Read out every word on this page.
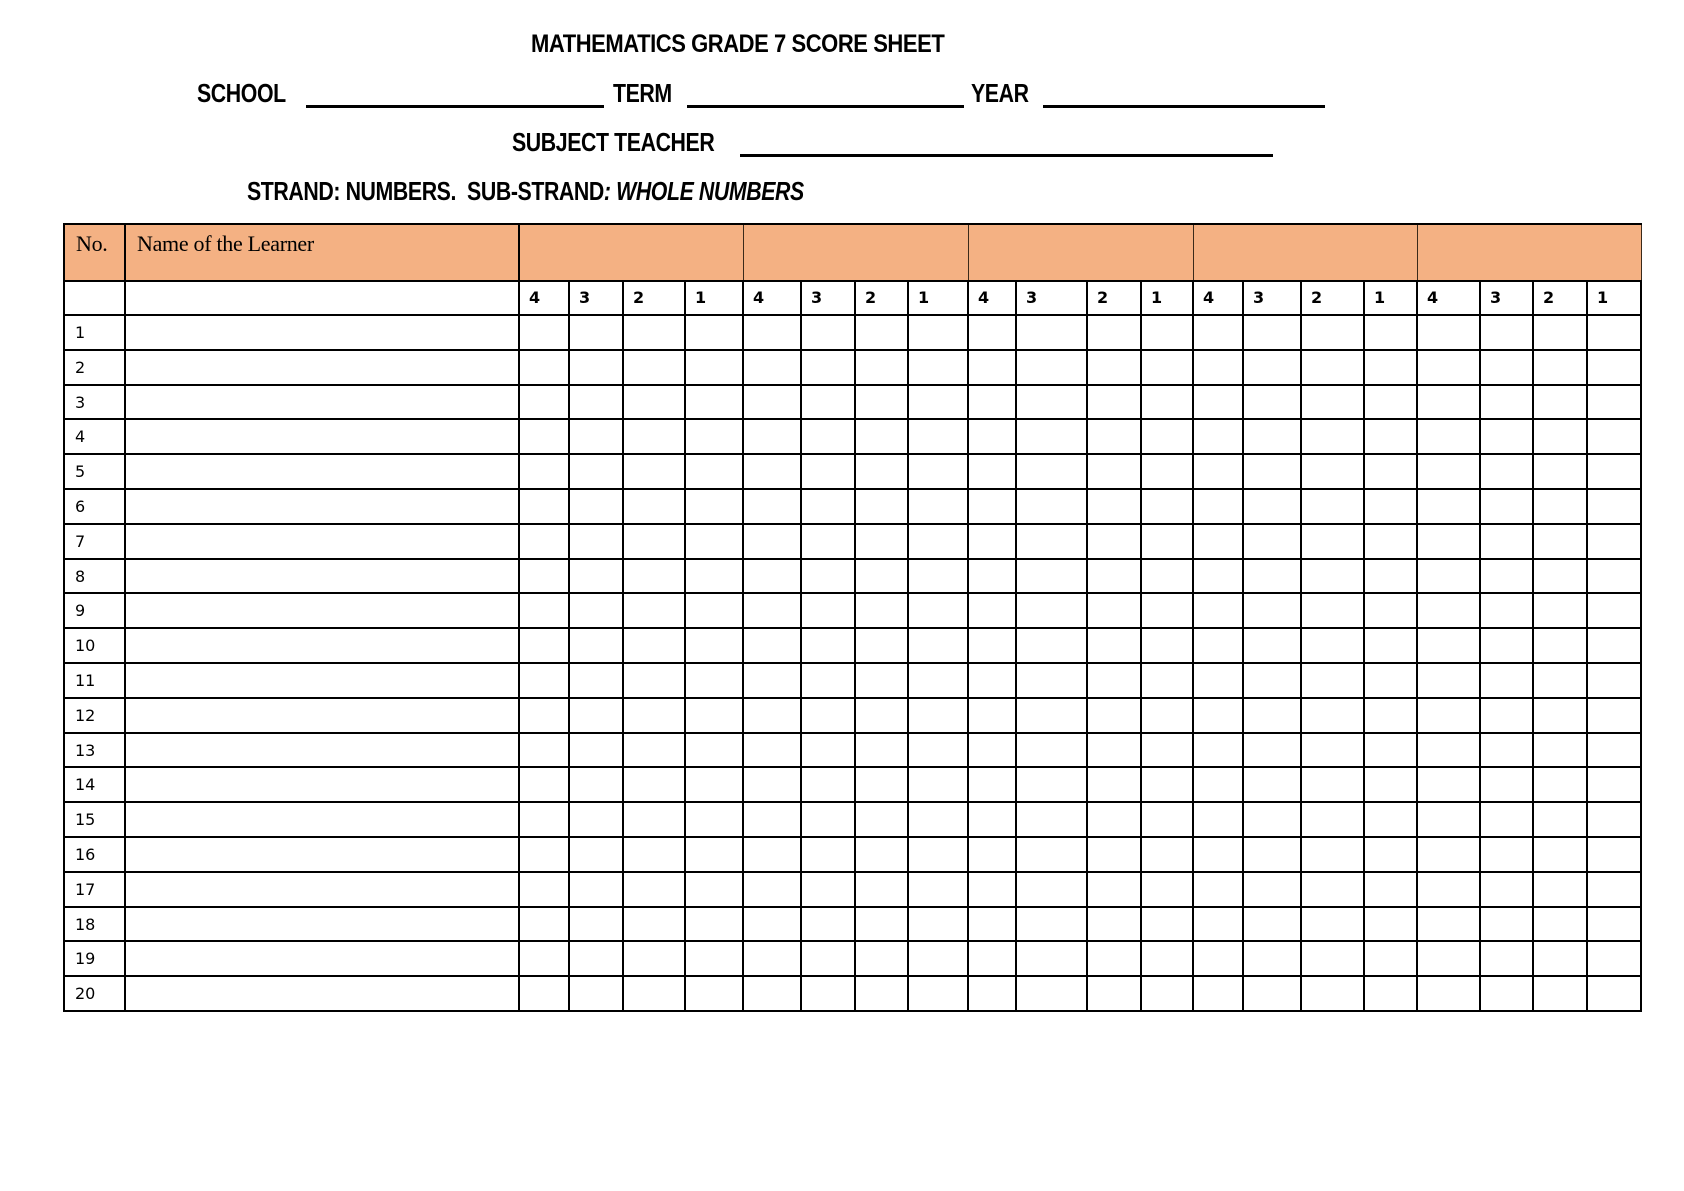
MATHEMATICS GRADE 7 SCORE SHEET
SCHOOL	TERM	YEAR
SUBJECT TEACHER
STRAND: NUMBERS. SUB-STRAND: WHOLE NUMBERS
No.	Name of the Learner																				

		4	3	2	1	4	3	2	1	4	3	2	1	4	3	2	1	4	3	2	1

1																					

2																					

3																					

4																					

5																					

6																					

7																					

8																					

9																					

10																					

11																					

12																					

13																					

14																					

15																					

16																					

17																					

18																					

19																					

20																					
